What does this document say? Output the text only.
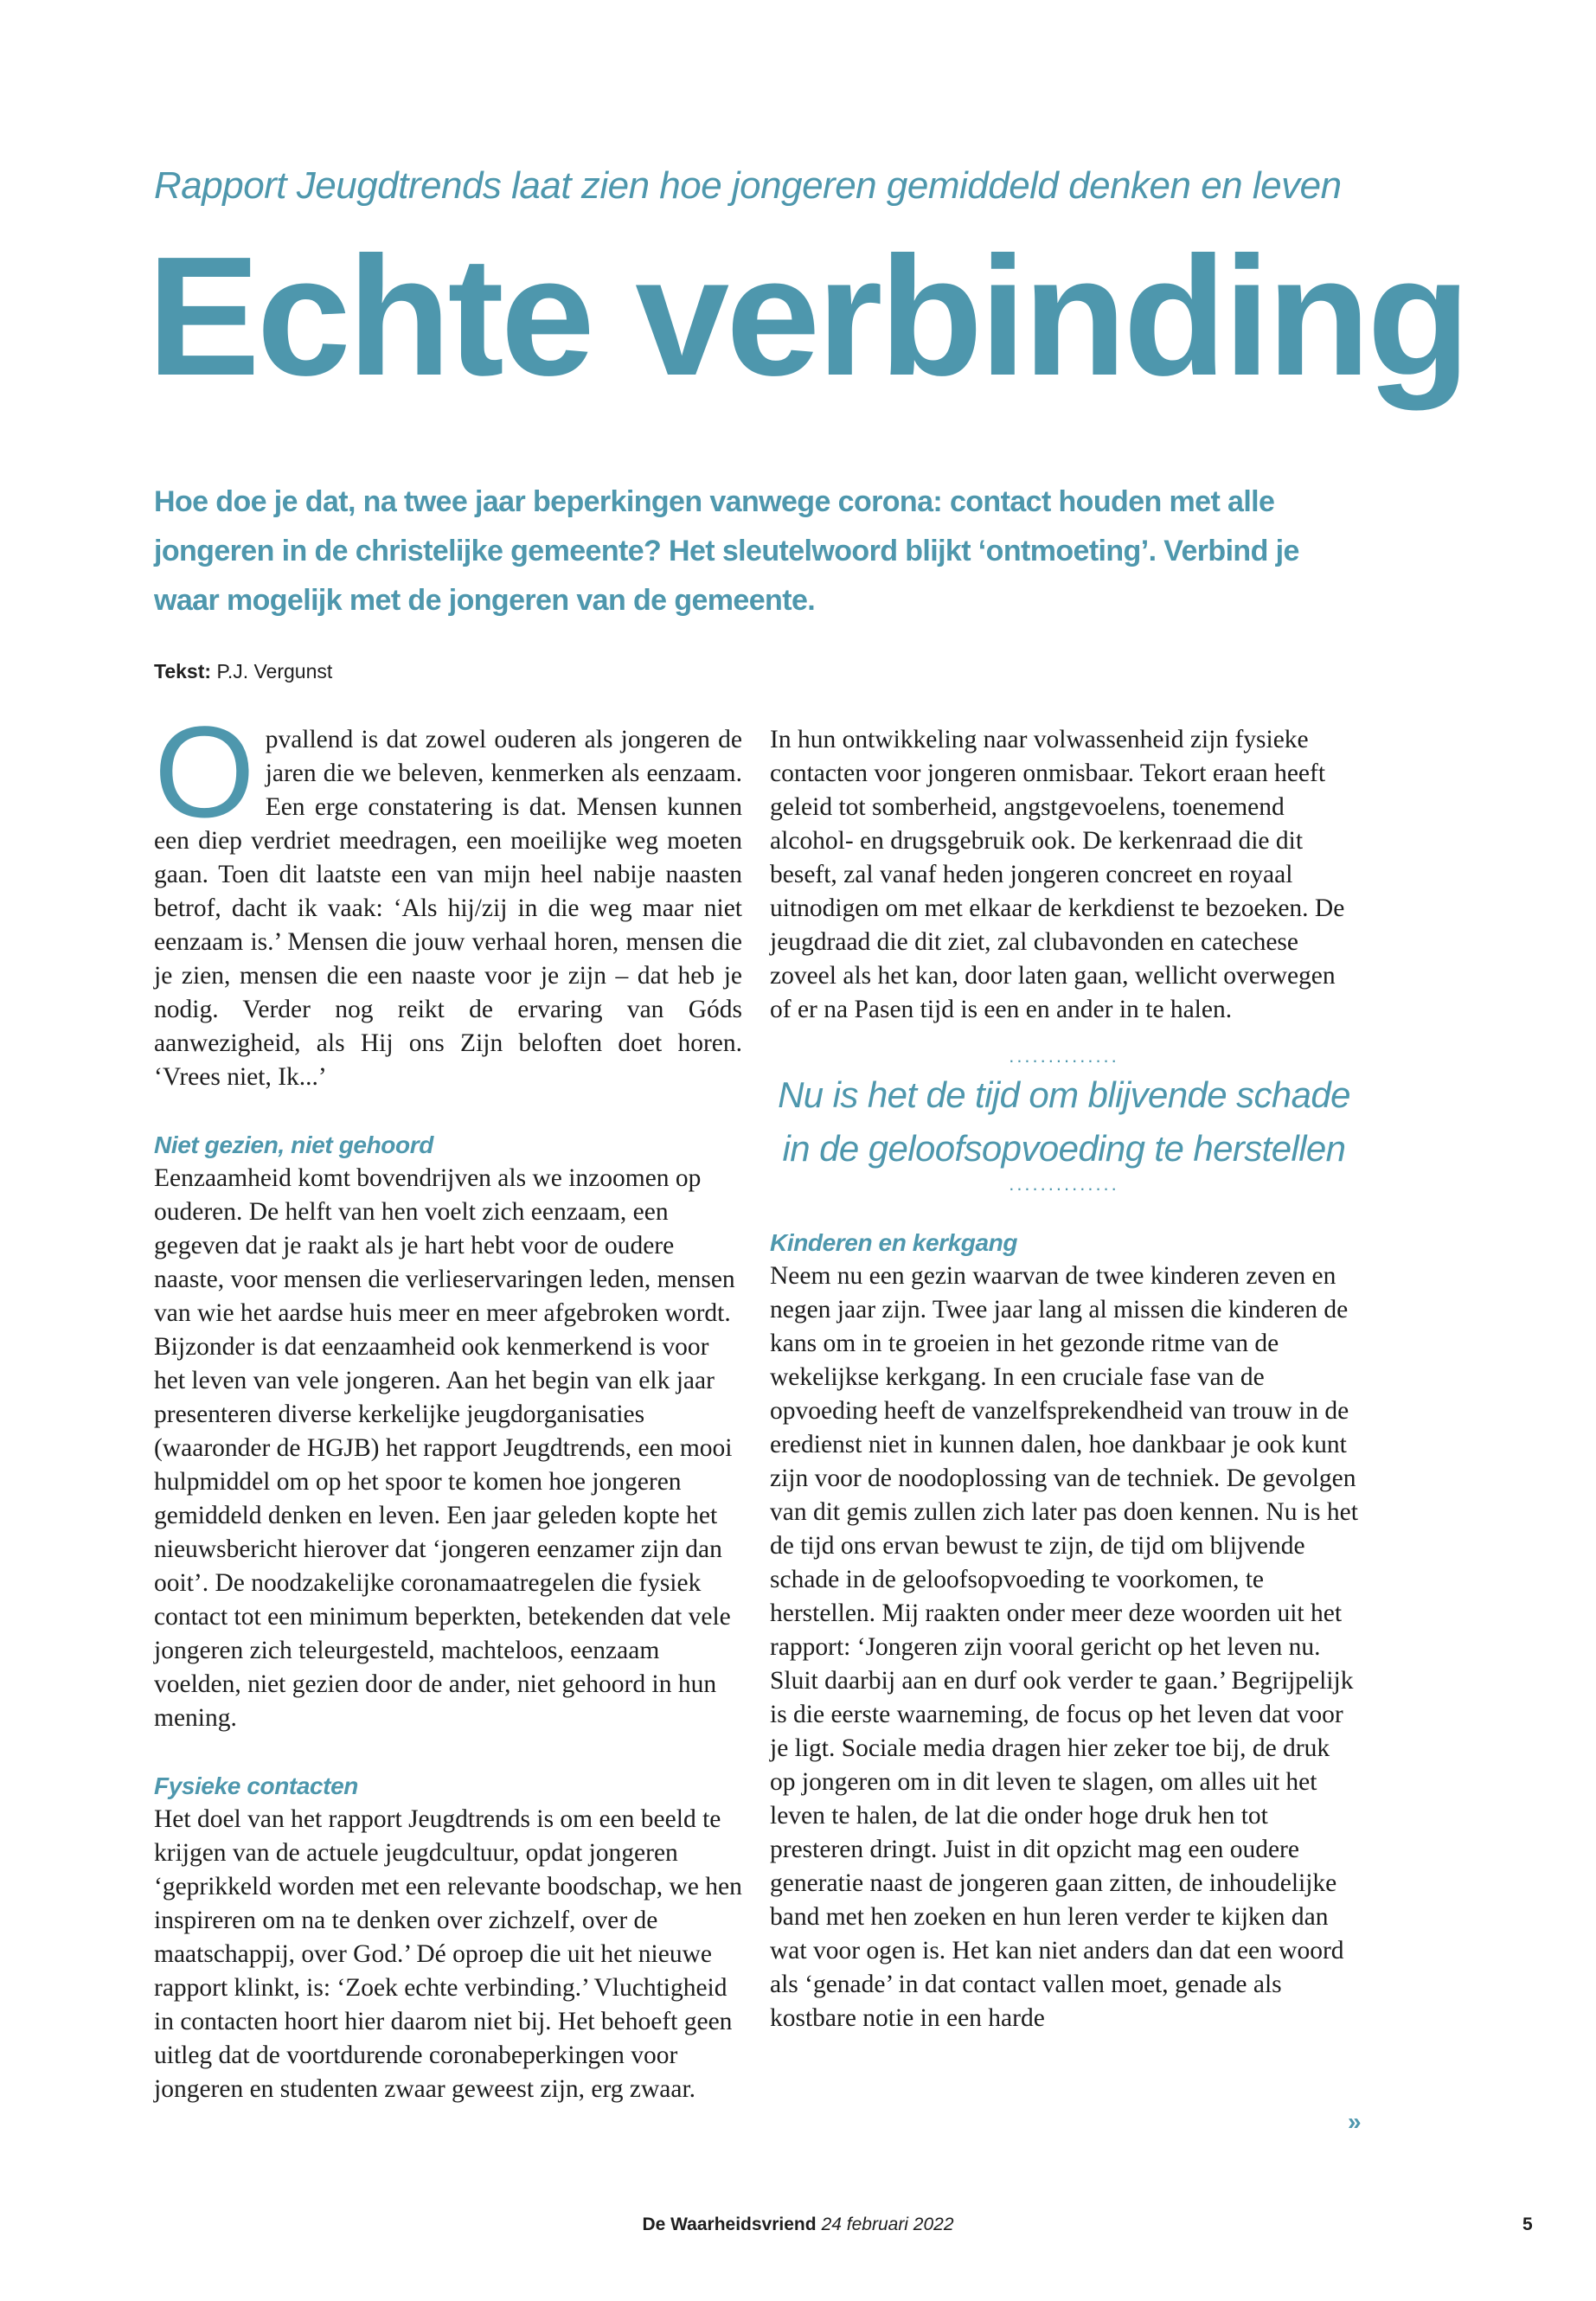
Rapport Jeugdtrends laat zien hoe jongeren gemiddeld denken en leven

Echte verbinding

Hoe doe je dat, na twee jaar beperkingen vanwege corona: contact houden met alle jongeren in de christelijke gemeente? Het sleutelwoord blijkt ‘ontmoeting’. Verbind je waar mogelijk met de jongeren van de gemeente.

Tekst: P.J. Vergunst

Opvallend is dat zowel ouderen als jongeren de jaren die we beleven, kenmerken als eenzaam. Een erge constatering is dat. Mensen kunnen een diep verdriet meedragen, een moeilijke weg moeten gaan. Toen dit laatste een van mijn heel nabije naasten betrof, dacht ik vaak: ‘Als hij/zij in die weg maar niet eenzaam is.’ Mensen die jouw verhaal horen, mensen die je zien, mensen die een naaste voor je zijn – dat heb je nodig. Verder nog reikt de ervaring van Góds aanwezigheid, als Hij ons Zijn beloften doet horen. ‘Vrees niet, Ik...’

Niet gezien, niet gehoord

Eenzaamheid komt bovendrijven als we inzoomen op ouderen. De helft van hen voelt zich eenzaam, een gegeven dat je raakt als je hart hebt voor de oudere naaste, voor mensen die verlieservaringen leden, mensen van wie het aardse huis meer en meer afgebroken wordt. Bijzonder is dat eenzaamheid ook kenmerkend is voor het leven van vele jongeren. Aan het begin van elk jaar presenteren diverse kerkelijke jeugdorganisaties (waaronder de HGJB) het rapport Jeugdtrends, een mooi hulpmiddel om op het spoor te komen hoe jongeren gemiddeld denken en leven. Een jaar geleden kopte het nieuwsbericht hierover dat ‘jongeren eenzamer zijn dan ooit’. De noodzakelijke coronamaatregelen die fysiek contact tot een minimum beperkten, betekenden dat vele jongeren zich teleurgesteld, machteloos, eenzaam voelden, niet gezien door de ander, niet gehoord in hun mening.

Fysieke contacten

Het doel van het rapport Jeugdtrends is om een beeld te krijgen van de actuele jeugdcultuur, opdat jongeren ‘geprikkeld worden met een relevante boodschap, we hen inspireren om na te denken over zichzelf, over de maatschappij, over God.’ Dé oproep die uit het nieuwe rapport klinkt, is: ‘Zoek echte verbinding.’ Vluchtigheid in contacten hoort hier daarom niet bij. Het behoeft geen uitleg dat de voortdurende coronabeperkingen voor jongeren en studenten zwaar geweest zijn, erg zwaar.

In hun ontwikkeling naar volwassenheid zijn fysieke contacten voor jongeren onmisbaar. Tekort eraan heeft geleid tot somberheid, angstgevoelens, toenemend alcohol- en drugsgebruik ook. De kerkenraad die dit beseft, zal vanaf heden jongeren concreet en royaal uitnodigen om met elkaar de kerkdienst te bezoeken. De jeugdraad die dit ziet, zal clubavonden en catechese zoveel als het kan, door laten gaan, wellicht overwegen of er na Pasen tijd is een en ander in te halen.

..............

Nu is het de tijd om blijvende schade in de geloofsopvoeding te herstellen

..............

Kinderen en kerkgang

Neem nu een gezin waarvan de twee kinderen zeven en negen jaar zijn. Twee jaar lang al missen die kinderen de kans om in te groeien in het gezonde ritme van de wekelijkse kerkgang. In een cruciale fase van de opvoeding heeft de vanzelfsprekendheid van trouw in de eredienst niet in kunnen dalen, hoe dankbaar je ook kunt zijn voor de noodoplossing van de techniek. De gevolgen van dit gemis zullen zich later pas doen kennen. Nu is het de tijd ons ervan bewust te zijn, de tijd om blijvende schade in de geloofsopvoeding te voorkomen, te herstellen. Mij raakten onder meer deze woorden uit het rapport: ‘Jongeren zijn vooral gericht op het leven nu. Sluit daarbij aan en durf ook verder te gaan.’ Begrijpelijk is die eerste waarneming, de focus op het leven dat voor je ligt. Sociale media dragen hier zeker toe bij, de druk op jongeren om in dit leven te slagen, om alles uit het leven te halen, de lat die onder hoge druk hen tot presteren dringt. Juist in dit opzicht mag een oudere generatie naast de jongeren gaan zitten, de inhoudelijke band met hen zoeken en hun leren verder te kijken dan wat voor ogen is. Het kan niet anders dan dat een woord als ‘genade’ in dat contact vallen moet, genade als kostbare notie in een harde

»
De Waarheidsvriend 24 februari 2022	5
